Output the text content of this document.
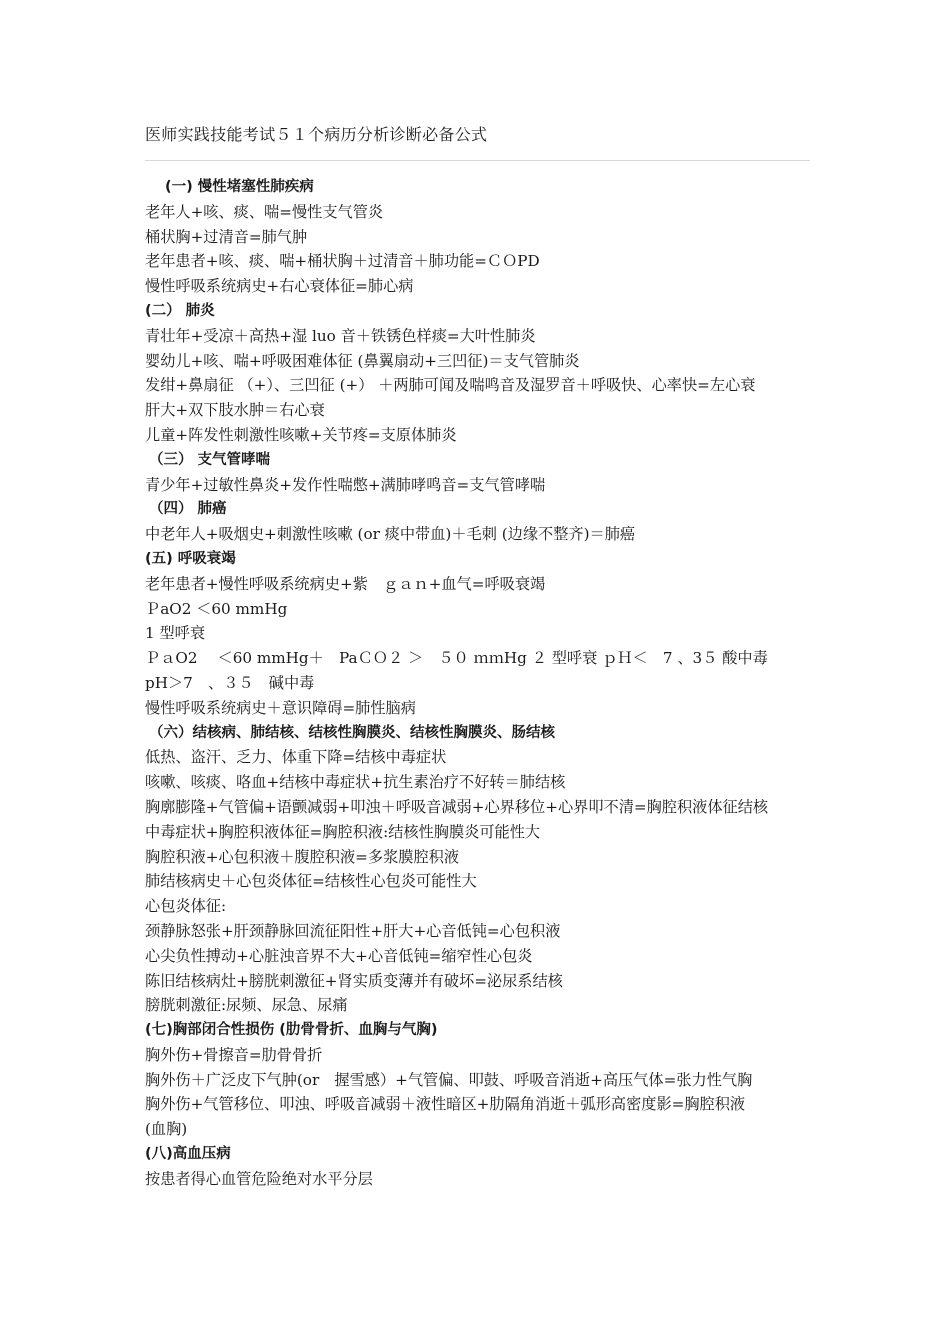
医师实践技能考试５１个病历分析诊断必备公式

(一) 慢性堵塞性肺疾病

老年人+咳、痰、喘=慢性支气管炎

桶状胸+过清音=肺气肿

老年患者+咳、痰、喘+桶状胸＋过清音＋肺功能=ＣＯPD

慢性呼吸系统病史+右心衰体征=肺心病

(二） 肺炎

青壮年+受凉＋高热+湿 luo 音＋铁锈色样痰=大叶性肺炎

婴幼儿+咳、喘+呼吸困难体征 (鼻翼扇动+三凹征)＝支气管肺炎

发绀+鼻扇征 （+）、三凹征 (+） ＋两肺可闻及喘鸣音及湿罗音＋呼吸快、心率快=左心衰

肝大+双下肢水肿＝右心衰

儿童+阵发性刺激性咳嗽+关节疼=支原体肺炎

（三） 支气管哮喘

青少年+过敏性鼻炎+发作性喘憋+满肺哮鸣音=支气管哮喘

（四） 肺癌

中老年人+吸烟史+刺激性咳嗽 (or 痰中带血)＋毛刺 (边缘不整齐)＝肺癌

(五) 呼吸衰竭

老年患者+慢性呼吸系统病史+紫　ｇａｎ+血气=呼吸衰竭

ＰaO2 ＜60 mmHg

1 型呼衰

ＰａO2 　＜60 mmHg＋　PaＣＯ２ ＞　５０ ｍｍHg ２ 型呼衰 ｐＨ＜　7 、3５ 酸中毒

pH＞7　、３５　碱中毒

慢性呼吸系统病史＋意识障碍=肺性脑病

（六）结核病、肺结核、结核性胸膜炎、结核性胸膜炎、肠结核

低热、盗汗、乏力、体重下降=结核中毒症状

咳嗽、咳痰、咯血+结核中毒症状+抗生素治疗不好转＝肺结核

胸廓膨隆+气管偏+语颤减弱+叩浊＋呼吸音减弱+心界移位+心界叩不清=胸腔积液体征结核

中毒症状+胸腔积液体征=胸腔积液:结核性胸膜炎可能性大

胸腔积液+心包积液＋腹腔积液=多浆膜腔积液

肺结核病史＋心包炎体征=结核性心包炎可能性大

心包炎体征:

颈静脉怒张+肝颈静脉回流征阳性+肝大+心音低钝=心包积液

心尖负性搏动+心脏浊音界不大+心音低钝=缩窄性心包炎

陈旧结核病灶+膀胱刺激征+肾实质变薄并有破坏=泌尿系结核

膀胱刺激征:尿频、尿急、尿痛

(七)胸部闭合性损伤 (肋骨骨折、血胸与气胸)

胸外伤+骨擦音=肋骨骨折

胸外伤＋广泛皮下气肿(or　握雪感）+气管偏、叩鼓、呼吸音消逝+高压气体=张力性气胸

胸外伤+气管移位、叩浊、呼吸音减弱＋液性暗区+肋隔角消逝＋弧形高密度影=胸腔积液

(血胸)

(八)高血压病

按患者得心血管危险绝对水平分层
